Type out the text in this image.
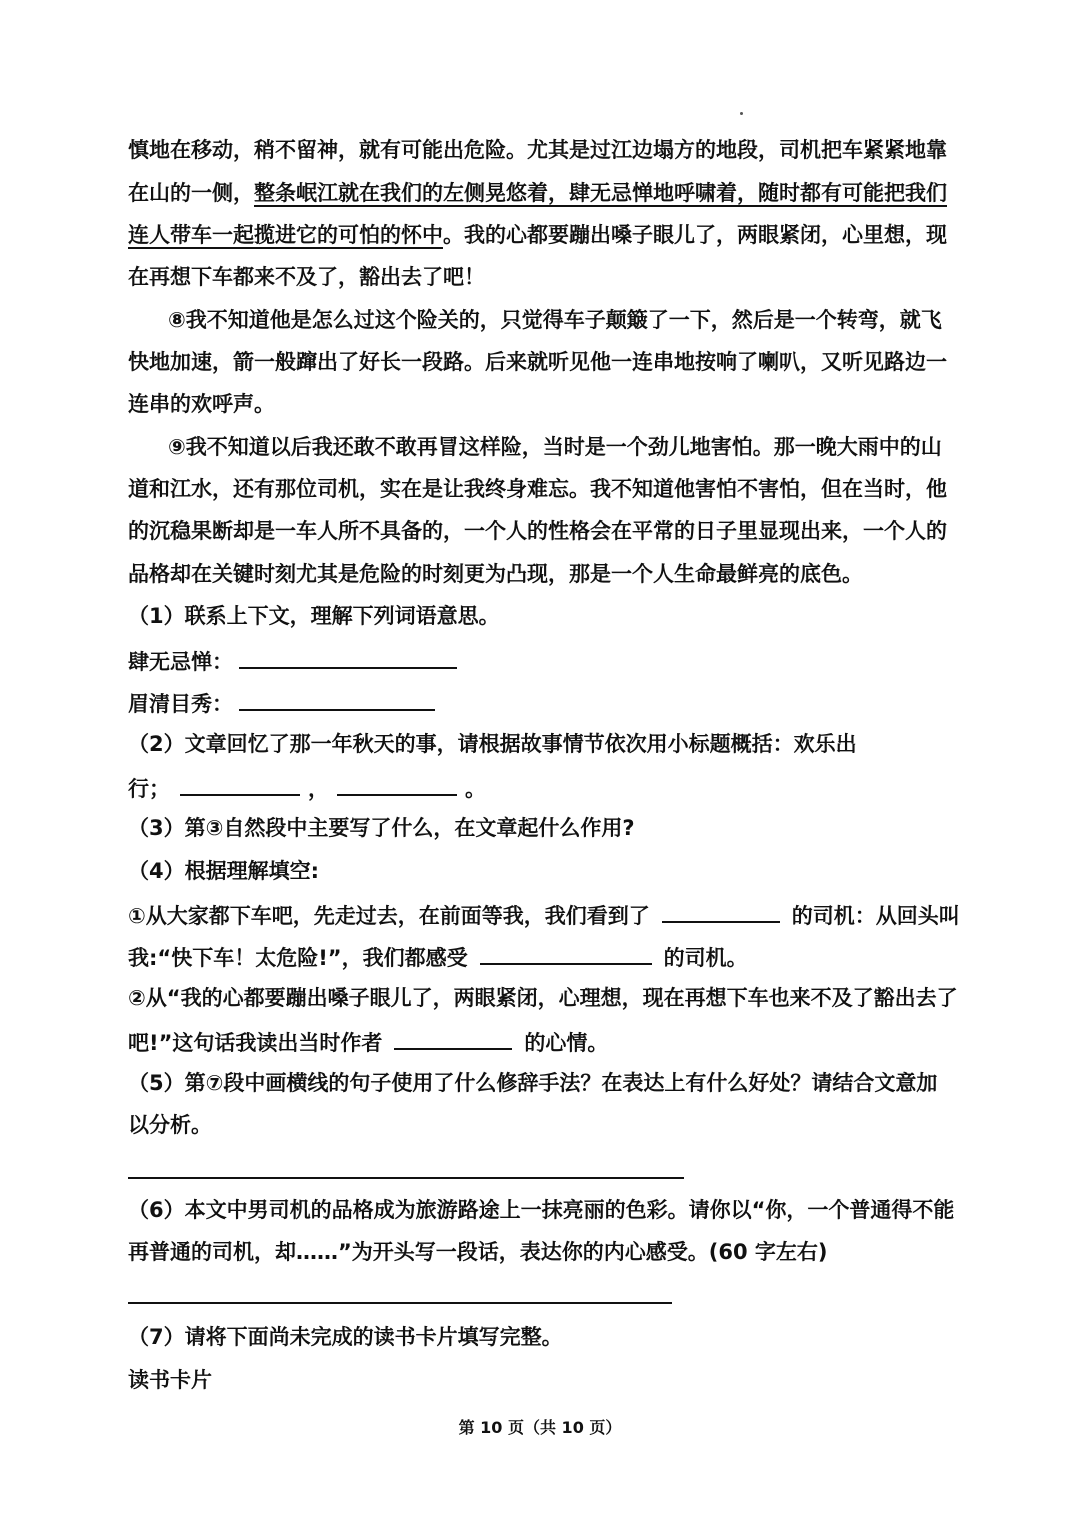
慎地在移动，稍不留神，就有可能出危险。尤其是过江边塌方的地段，司机把车紧紧地靠
在山的一侧，整条岷江就在我们的左侧晃悠着，肆无忌惮地呼啸着，随时都有可能把我们
连人带车一起揽进它的可怕的怀中。我的心都要蹦出嗓子眼儿了，两眼紧闭，心里想，现
在再想下车都来不及了，豁出去了吧！
⑧我不知道他是怎么过这个险关的，只觉得车子颠簸了一下，然后是一个转弯，就飞
快地加速，箭一般蹿出了好长一段路。后来就听见他一连串地按响了喇叭，又听见路边一
连串的欢呼声。
⑨我不知道以后我还敢不敢再冒这样险，当时是一个劲儿地害怕。那一晚大雨中的山
道和江水，还有那位司机，实在是让我终身难忘。我不知道他害怕不害怕，但在当时，他
的沉稳果断却是一车人所不具备的，一个人的性格会在平常的日子里显现出来，一个人的
品格却在关键时刻尤其是危险的时刻更为凸现，那是一个人生命最鲜亮的底色。
（1）联系上下文，理解下列词语意思。
肆无忌惮：
眉清目秀：
（2）文章回忆了那一年秋天的事，请根据故事情节依次用小标题概括：欢乐出
行；	，	。
（3）第③自然段中主要写了什么，在文章起什么作用?
（4）根据理解填空:
①从大家都下车吧，先走过去，在前面等我，我们看到了	的司机：从回头叫
我:“快下车！太危险!”，我们都感受	的司机。
②从“我的心都要蹦出嗓子眼儿了，两眼紧闭，心理想，现在再想下车也来不及了豁出去了
吧!”这句话我读出当时作者	的心情。
（5）第⑦段中画横线的句子使用了什么修辞手法？在表达上有什么好处？请结合文意加
以分析。
（6）本文中男司机的品格成为旅游路途上一抹亮丽的色彩。请你以“你，一个普通得不能
再普通的司机，却……”为开头写一段话，表达你的内心感受。(60 字左右)
（7）请将下面尚未完成的读书卡片填写完整。
读书卡片
第 10 页（共 10 页）
